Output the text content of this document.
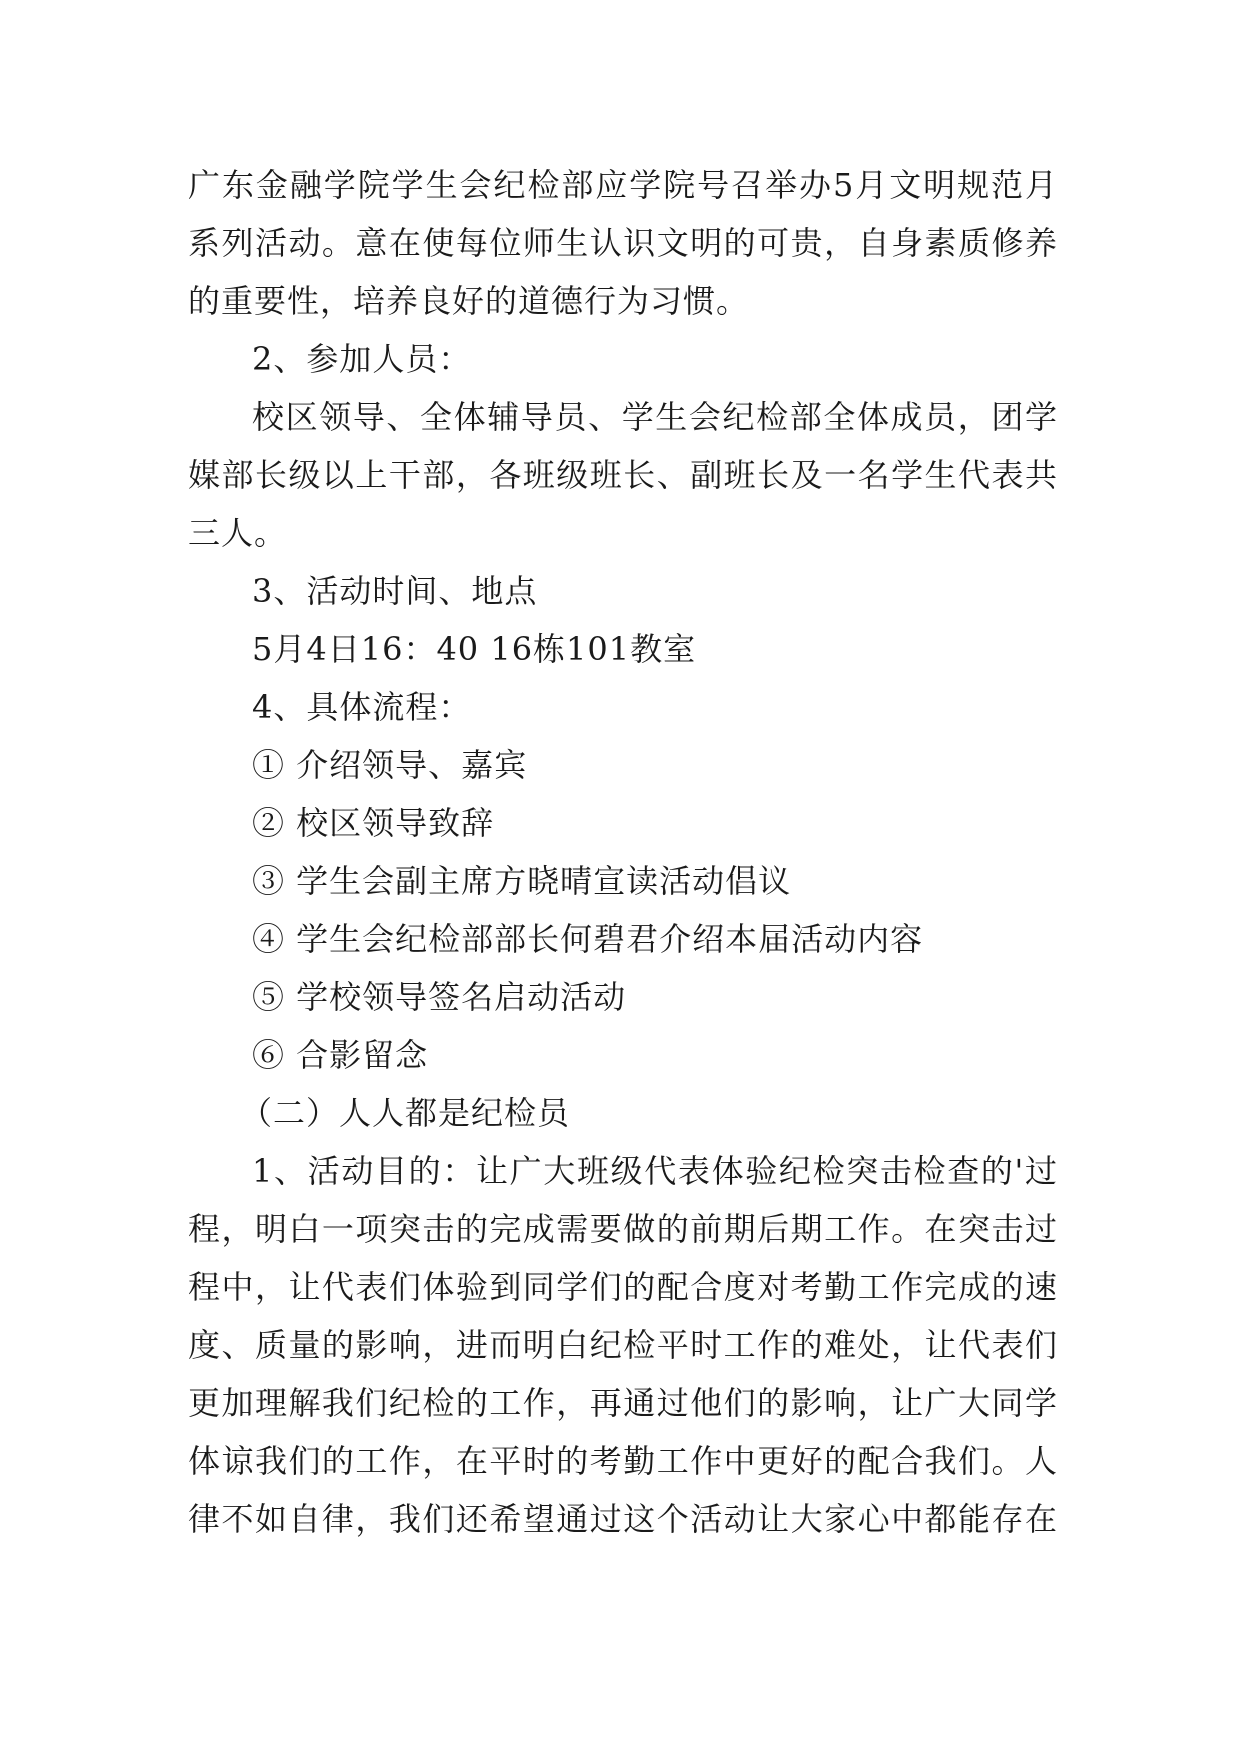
广东金融学院学生会纪检部应学院号召举办5月文明规范月
系列活动。意在使每位师生认识文明的可贵，自身素质修养
的重要性，培养良好的道德行为习惯。
2、参加人员：
校区领导、全体辅导员、学生会纪检部全体成员，团学
媒部长级以上干部，各班级班长、副班长及一名学生代表共
三人。
3、活动时间、地点
5月4日16：40 16栋101教室
4、具体流程：
① 介绍领导、嘉宾
② 校区领导致辞
③ 学生会副主席方晓晴宣读活动倡议
④ 学生会纪检部部长何碧君介绍本届活动内容
⑤ 学校领导签名启动活动
⑥ 合影留念
（二）人人都是纪检员
1、活动目的：让广大班级代表体验纪检突击检查的'过
程，明白一项突击的完成需要做的前期后期工作。在突击过
程中，让代表们体验到同学们的配合度对考勤工作完成的速
度、质量的影响，进而明白纪检平时工作的难处，让代表们
更加理解我们纪检的工作，再通过他们的影响，让广大同学
体谅我们的工作，在平时的考勤工作中更好的配合我们。人
律不如自律，我们还希望通过这个活动让大家心中都能存在
